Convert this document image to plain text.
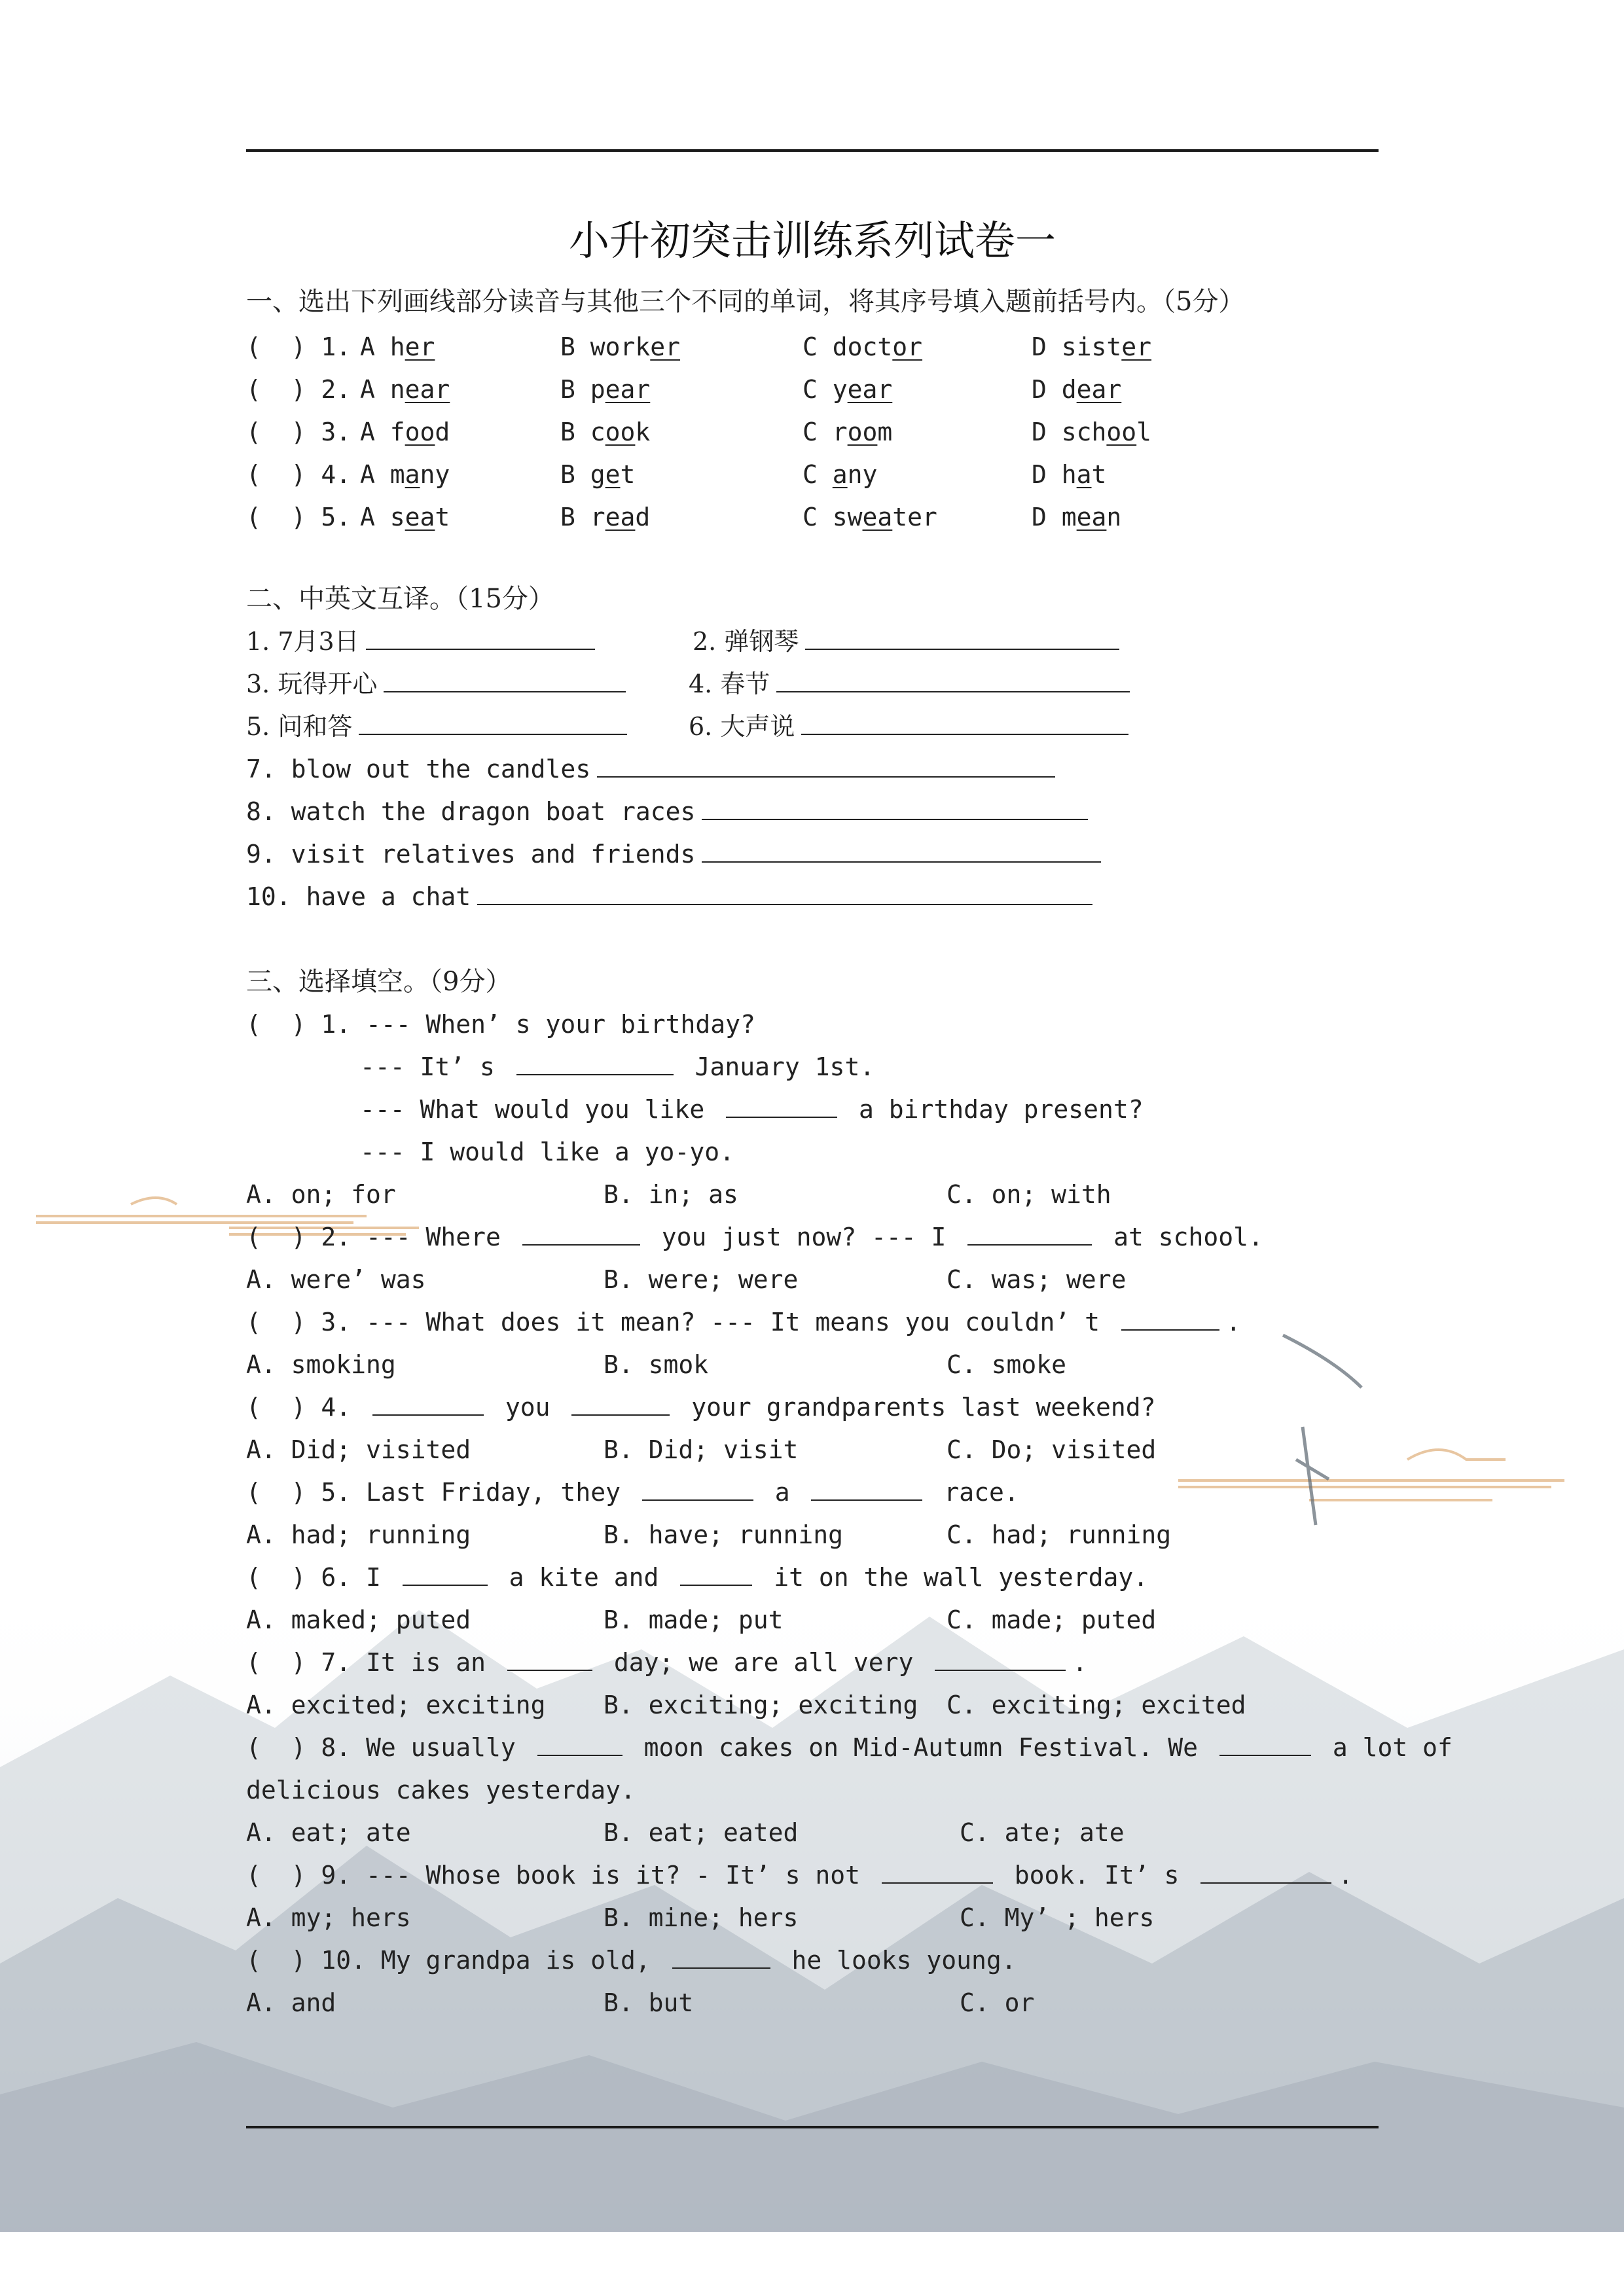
小升初突击训练系列试卷一
一、选出下列画线部分读音与其他三个不同的单词，将其序号填入题前括号内。（5分）
(  ) 1. A her	B worker	C doctor	D sister
(  ) 2. A near	B pear	C year	D dear
(  ) 3. A food	B cook	C room	D school
(  ) 4. A many	B get	C any	D hat
(  ) 5. A seat	B read	C sweater	D mean
二、中英文互译。（15分）
1. 7月3日	2. 弹钢琴
3. 玩得开心	4. 春节
5. 问和答	6. 大声说
7. blow out the candles
8. watch the dragon boat races
9. visit relatives and friends
10. have a chat
三、选择填空。（9分）
(  ) 1. --- When’ s your birthday?
--- It’ s	January 1st.
--- What would you like	a birthday present?
--- I would like a yo-yo.
A. on; for	B. in; as	C. on; with
(  ) 2. --- Where	you just now? --- I	at school.
A. were’ was	B. were; were	C. was; were
(  ) 3. --- What does it mean? --- It means you couldn’ t	.
A. smoking	B. smok	C. smoke
(  ) 4.	you	your grandparents last weekend?
A. Did; visited	B. Did; visit	C. Do; visited
(  ) 5. Last Friday, they	a	race.
A. had; running	B. have; running	C. had; running
(  ) 6. I	a kite and	it on the wall yesterday.
A. maked; puted	B. made; put	C. made; puted
(  ) 7. It is an	day; we are all very	.
A. excited; exciting B. exciting; exciting C. exciting; excited
(  ) 8. We usually	moon cakes on Mid-Autumn Festival. We	a lot of
delicious cakes yesterday.
A. eat; ate	B. eat; eated	C. ate; ate
(  ) 9. --- Whose book is it? - It’ s not	book. It’ s	.
A. my; hers	B. mine; hers	C. My’ ; hers
(  ) 10. My grandpa is old,	he looks young.
A. and	B. but	C. or
